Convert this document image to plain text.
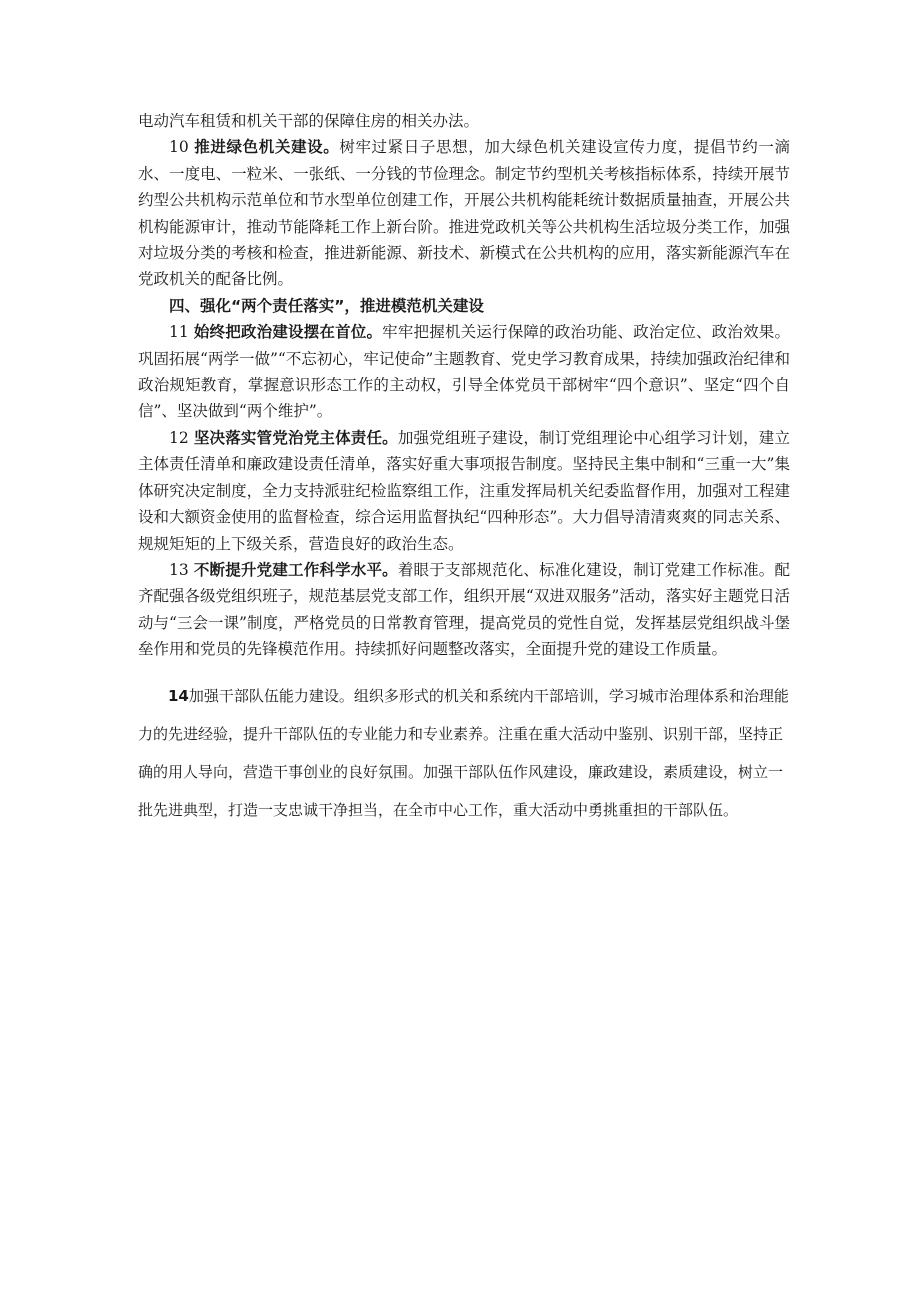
电动汽车租赁和机关干部的保障住房的相关办法。

10 推进绿色机关建设。树牢过紧日子思想，加大绿色机关建设宣传力度，提倡节约一滴水、一度电、一粒米、一张纸、一分钱的节俭理念。制定节约型机关考核指标体系，持续开展节约型公共机构示范单位和节水型单位创建工作，开展公共机构能耗统计数据质量抽查，开展公共机构能源审计，推动节能降耗工作上新台阶。推进党政机关等公共机构生活垃圾分类工作，加强对垃圾分类的考核和检查，推进新能源、新技术、新模式在公共机构的应用，落实新能源汽车在党政机关的配备比例。

四、强化“两个责任落实”，推进模范机关建设

11 始终把政治建设摆在首位。牢牢把握机关运行保障的政治功能、政治定位、政治效果。巩固拓展“两学一做”“不忘初心，牢记使命”主题教育、党史学习教育成果，持续加强政治纪律和政治规矩教育，掌握意识形态工作的主动权，引导全体党员干部树牢“四个意识”、坚定“四个自信”、坚决做到“两个维护”。

12 坚决落实管党治党主体责任。加强党组班子建设，制订党组理论中心组学习计划，建立主体责任清单和廉政建设责任清单，落实好重大事项报告制度。坚持民主集中制和“三重一大”集体研究决定制度，全力支持派驻纪检监察组工作，注重发挥局机关纪委监督作用，加强对工程建设和大额资金使用的监督检查，综合运用监督执纪“四种形态”。大力倡导清清爽爽的同志关系、规规矩矩的上下级关系，营造良好的政治生态。

13 不断提升党建工作科学水平。着眼于支部规范化、标准化建设，制订党建工作标准。配齐配强各级党组织班子，规范基层党支部工作，组织开展“双进双服务”活动，落实好主题党日活动与“三会一课”制度，严格党员的日常教育管理，提高党员的党性自觉，发挥基层党组织战斗堡垒作用和党员的先锋模范作用。持续抓好问题整改落实，全面提升党的建设工作质量。

14加强干部队伍能力建设。组织多形式的机关和系统内干部培训，学习城市治理体系和治理能力的先进经验，提升干部队伍的专业能力和专业素养。注重在重大活动中鉴别、识别干部，坚持正确的用人导向，营造干事创业的良好氛围。加强干部队伍作风建设，廉政建设，素质建设，树立一批先进典型，打造一支忠诚干净担当，在全市中心工作，重大活动中勇挑重担的干部队伍。
